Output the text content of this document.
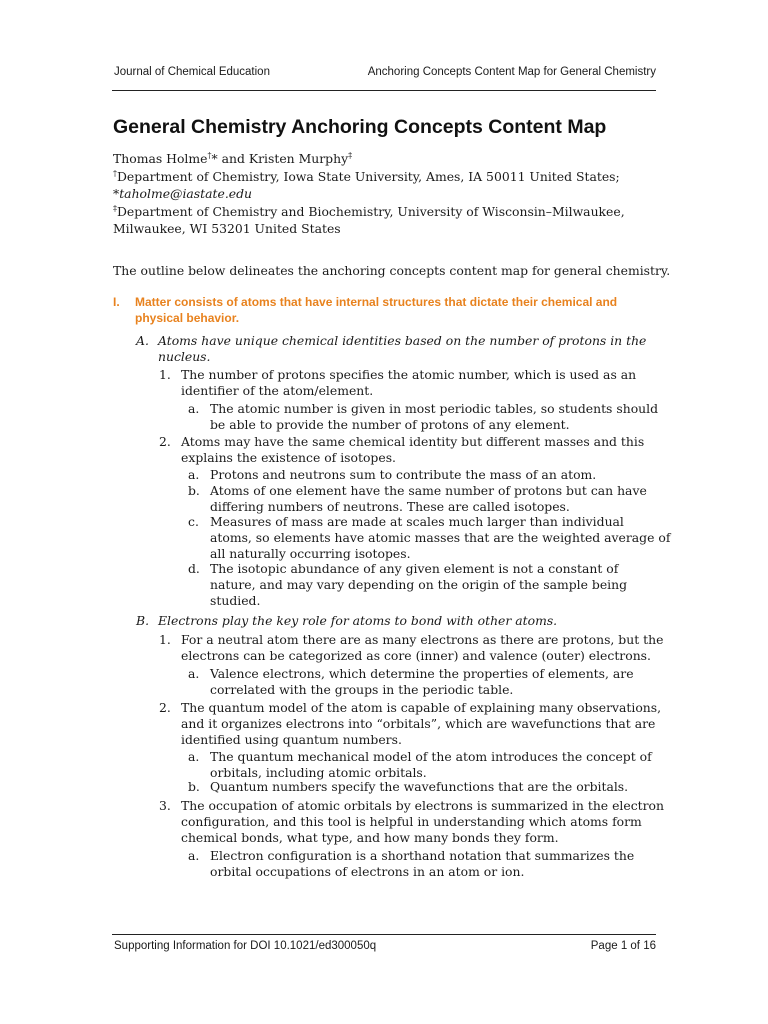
Journal of Chemical Education	Anchoring Concepts Content Map for General Chemistry
General Chemistry Anchoring Concepts Content Map

Thomas Holme†* and Kristen Murphy‡

†Department of Chemistry, Iowa State University, Ames, IA 50011 United States;

*taholme@iastate.edu

‡Department of Chemistry and Biochemistry, University of Wisconsin–Milwaukee,

Milwaukee, WI 53201 United States

The outline below delineates the anchoring concepts content map for general chemistry.

I. Matter consists of atoms that have internal structures that dictate their chemical and
physical behavior.
A. Atoms have unique chemical identities based on the number of protons in the
nucleus.
1. The number of protons specifies the atomic number, which is used as an
identifier of the atom/element.
a. The atomic number is given in most periodic tables, so students should
be able to provide the number of protons of any element.
2. Atoms may have the same chemical identity but different masses and this
explains the existence of isotopes.
a. Protons and neutrons sum to contribute the mass of an atom.
b. Atoms of one element have the same number of protons but can have
differing numbers of neutrons. These are called isotopes.
c. Measures of mass are made at scales much larger than individual
atoms, so elements have atomic masses that are the weighted average of
all naturally occurring isotopes.
d. The isotopic abundance of any given element is not a constant of
nature, and may vary depending on the origin of the sample being
studied.
B. Electrons play the key role for atoms to bond with other atoms.
1. For a neutral atom there are as many electrons as there are protons, but the
electrons can be categorized as core (inner) and valence (outer) electrons.
a. Valence electrons, which determine the properties of elements, are
correlated with the groups in the periodic table.
2. The quantum model of the atom is capable of explaining many observations,
and it organizes electrons into “orbitals”, which are wavefunctions that are
identified using quantum numbers.
a. The quantum mechanical model of the atom introduces the concept of
orbitals, including atomic orbitals.
b. Quantum numbers specify the wavefunctions that are the orbitals.
3. The occupation of atomic orbitals by electrons is summarized in the electron
configuration, and this tool is helpful in understanding which atoms form
chemical bonds, what type, and how many bonds they form.
a. Electron configuration is a shorthand notation that summarizes the
orbital occupations of electrons in an atom or ion.
Supporting Information for DOI 10.1021/ed300050q	Page 1 of 16
